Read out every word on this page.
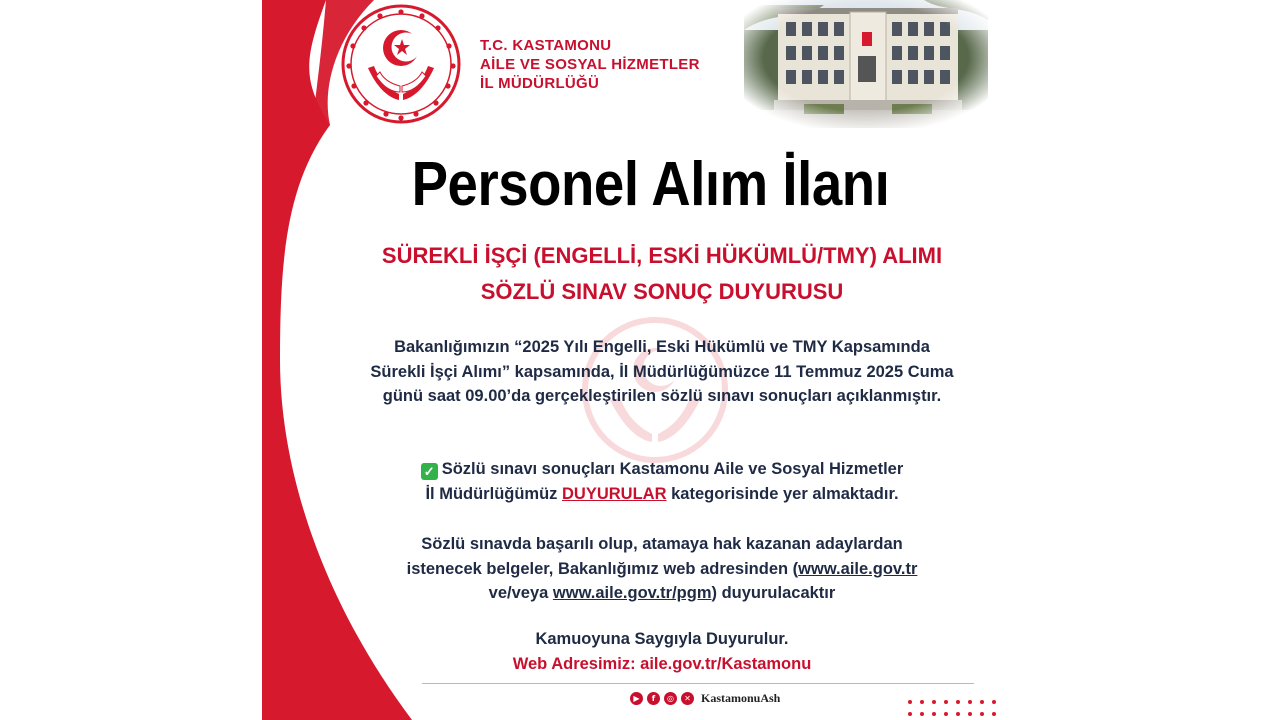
T.C. KASTAMONU
AİLE VE SOSYAL HİZMETLER
İL MÜDÜRLÜĞÜ
Personel Alım İlanı
SÜREKLİ İŞÇİ (ENGELLİ, ESKİ HÜKÜMLÜ/TMY) ALIMI
SÖZLÜ SINAV SONUÇ DUYURUSU
Bakanlığımızın “2025 Yılı Engelli, Eski Hükümlü ve TMY Kapsamında
Sürekli İşçi Alımı” kapsamında, İl Müdürlüğümüzce 11 Temmuz 2025 Cuma
günü saat 09.00’da gerçekleştirilen sözlü sınavı sonuçları açıklanmıştır.
✓ Sözlü sınavı sonuçları Kastamonu Aile ve Sosyal Hizmetler
İl Müdürlüğümüz DUYURULAR kategorisinde yer almaktadır.
Sözlü sınavda başarılı olup, atamaya hak kazanan adaylardan
istenecek belgeler, Bakanlığımız web adresinden (www.aile.gov.tr
ve/veya www.aile.gov.tr/pgm) duyurulacaktır
Kamuoyuna Saygıyla Duyurulur.
Web Adresimiz: aile.gov.tr/Kastamonu
▶	f	◎	✕ KastamonuAsh
